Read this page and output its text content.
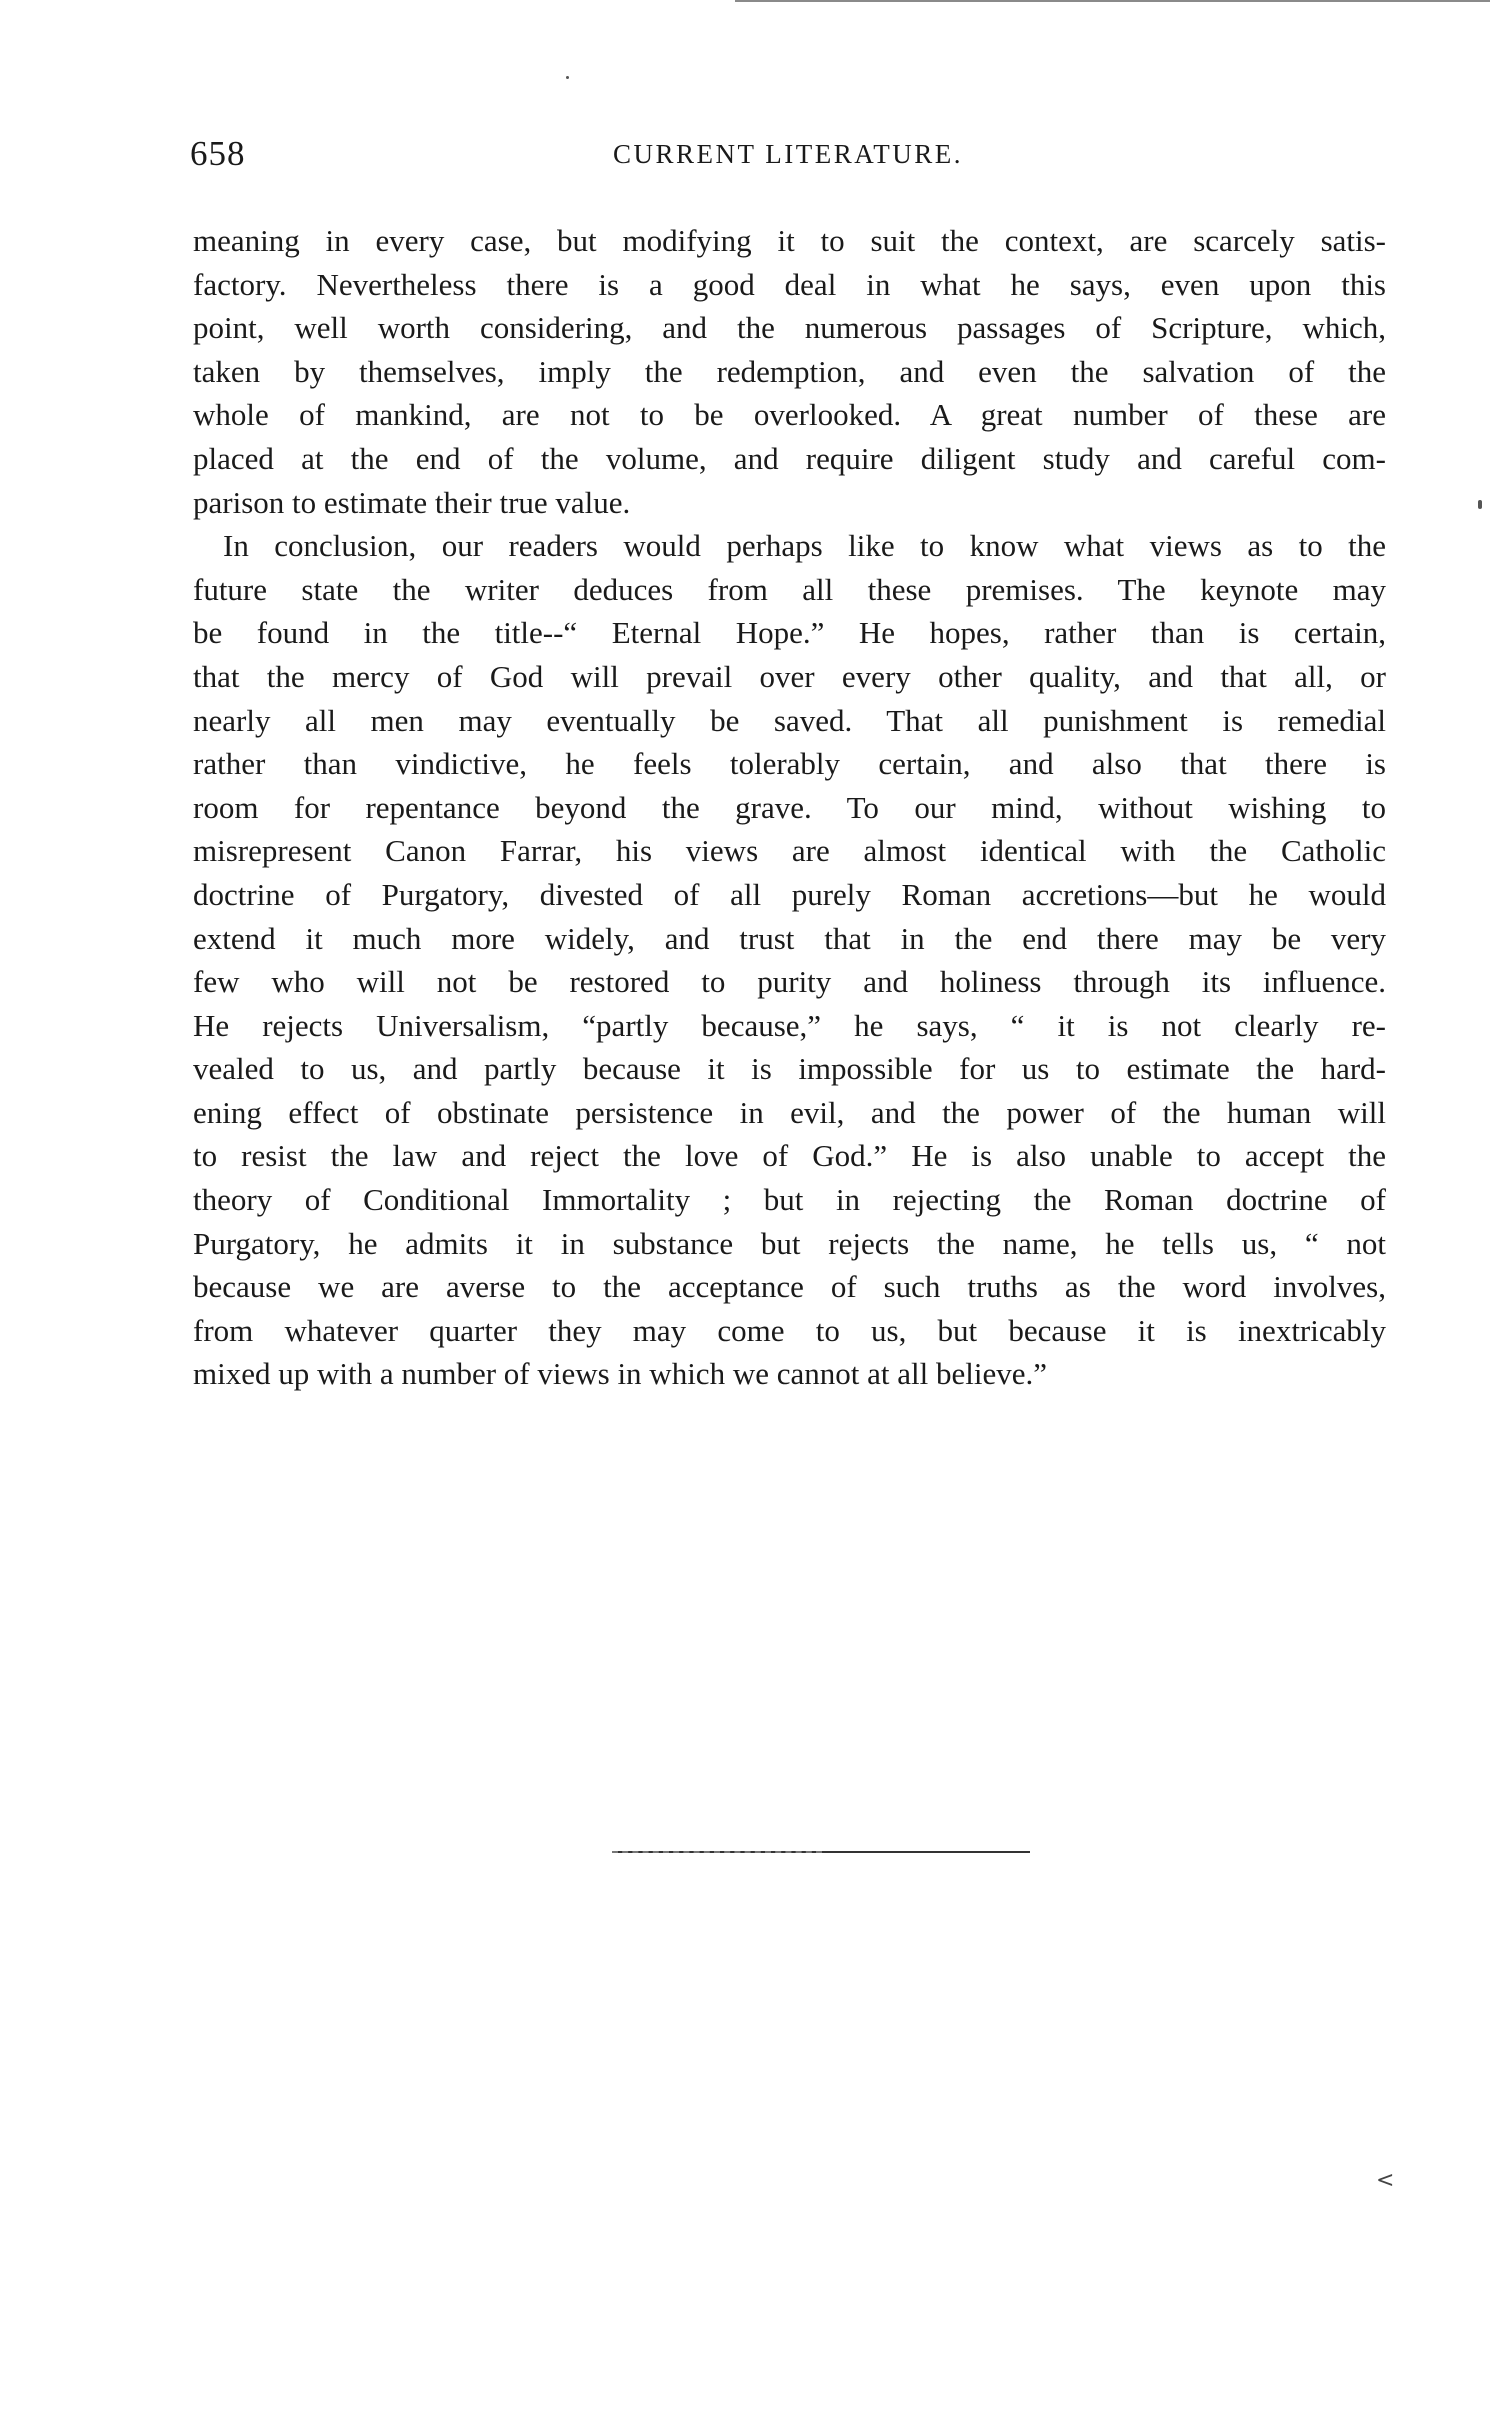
658	CURRENT LITERATURE.
meaning in every case, but modifying it to suit the context, are scarcely satis-
factory. Nevertheless there is a good deal in what he says, even upon this
point, well worth considering, and the numerous passages of Scripture, which,
taken by themselves, imply the redemption, and even the salvation of the
whole of mankind, are not to be overlooked. A great number of these are
placed at the end of the volume, and require diligent study and careful com-
parison to estimate their true value.
In conclusion, our readers would perhaps like to know what views as to the
future state the writer deduces from all these premises. The keynote may
be found in the title--“ Eternal Hope.” He hopes, rather than is certain,
that the mercy of God will prevail over every other quality, and that all, or
nearly all men may eventually be saved. That all punishment is remedial
rather than vindictive, he feels tolerably certain, and also that there is
room for repentance beyond the grave. To our mind, without wishing to
misrepresent Canon Farrar, his views are almost identical with the Catholic
doctrine of Purgatory, divested of all purely Roman accretions—but he would
extend it much more widely, and trust that in the end there may be very
few who will not be restored to purity and holiness through its influence.
He rejects Universalism, “partly because,” he says, “ it is not clearly re-
vealed to us, and partly because it is impossible for us to estimate the hard-
ening effect of obstinate persistence in evil, and the power of the human will
to resist the law and reject the love of God.” He is also unable to accept the
theory of Conditional Immortality ; but in rejecting the Roman doctrine of
Purgatory, he admits it in substance but rejects the name, he tells us, “ not
because we are averse to the acceptance of such truths as the word involves,
from whatever quarter they may come to us, but because it is inextricably
mixed up with a number of views in which we cannot at all believe.”
<
